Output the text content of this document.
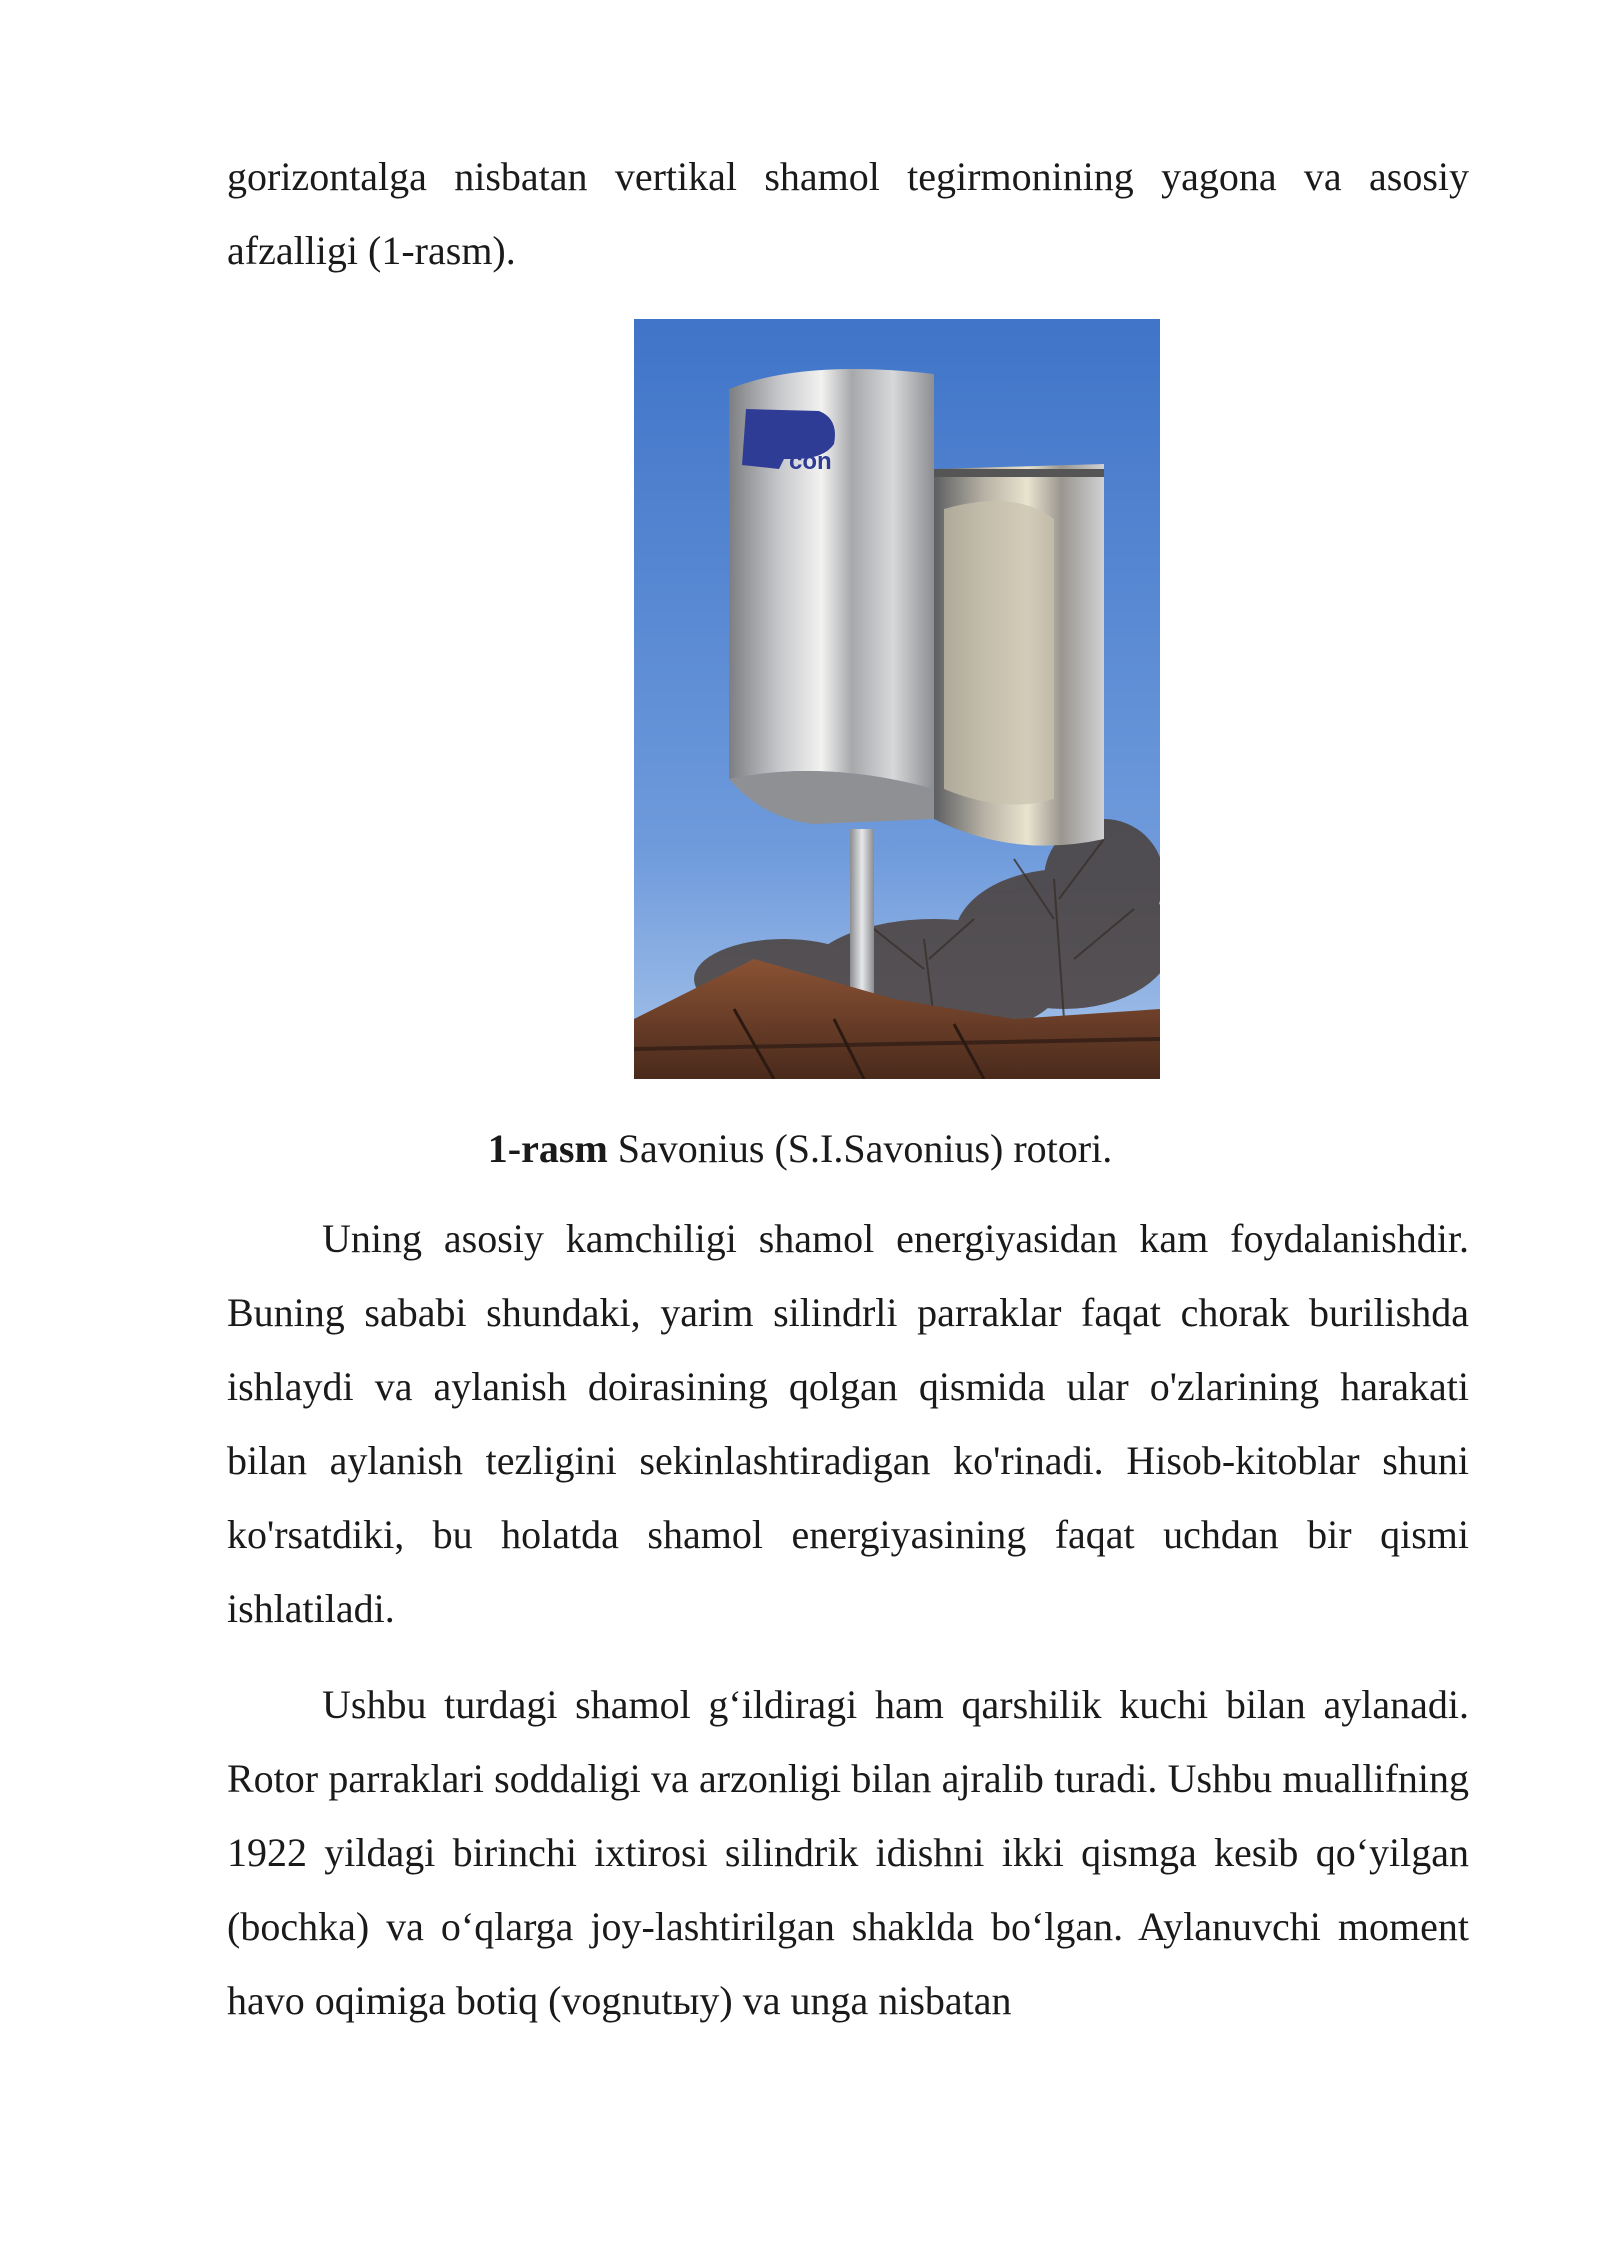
gorizontalga nisbatan vertikal shamol tegirmonining yagona va asosiy afzalligi (1-rasm).

con
1-rasm Savonius (S.I.Savonius) rotori.

Uning asosiy kamchiligi shamol energiyasidan kam foydalanishdir. Buning sababi shundaki, yarim silindrli parraklar faqat chorak burilishda ishlaydi va aylanish doirasining qolgan qismida ular o'zlarining harakati bilan aylanish tezligini sekinlashtiradigan ko'rinadi. Hisob-kitoblar shuni ko'rsatdiki, bu holatda shamol energiyasining faqat uchdan bir qismi ishlatiladi.

Ushbu turdagi shamol g‘ildiragi ham qarshilik kuchi bilan aylanadi. Rotor parraklari soddaligi va arzonligi bilan ajralib turadi. Ushbu muallifning 1922 yildagi birinchi ixtirosi silindrik idishni ikki qismga kesib qo‘yilgan (bochka) va o‘qlarga joy-lashtirilgan shaklda bo‘lgan. Aylanuvchi moment havo oqimiga botiq (vognutыy) va unga nisbatan
